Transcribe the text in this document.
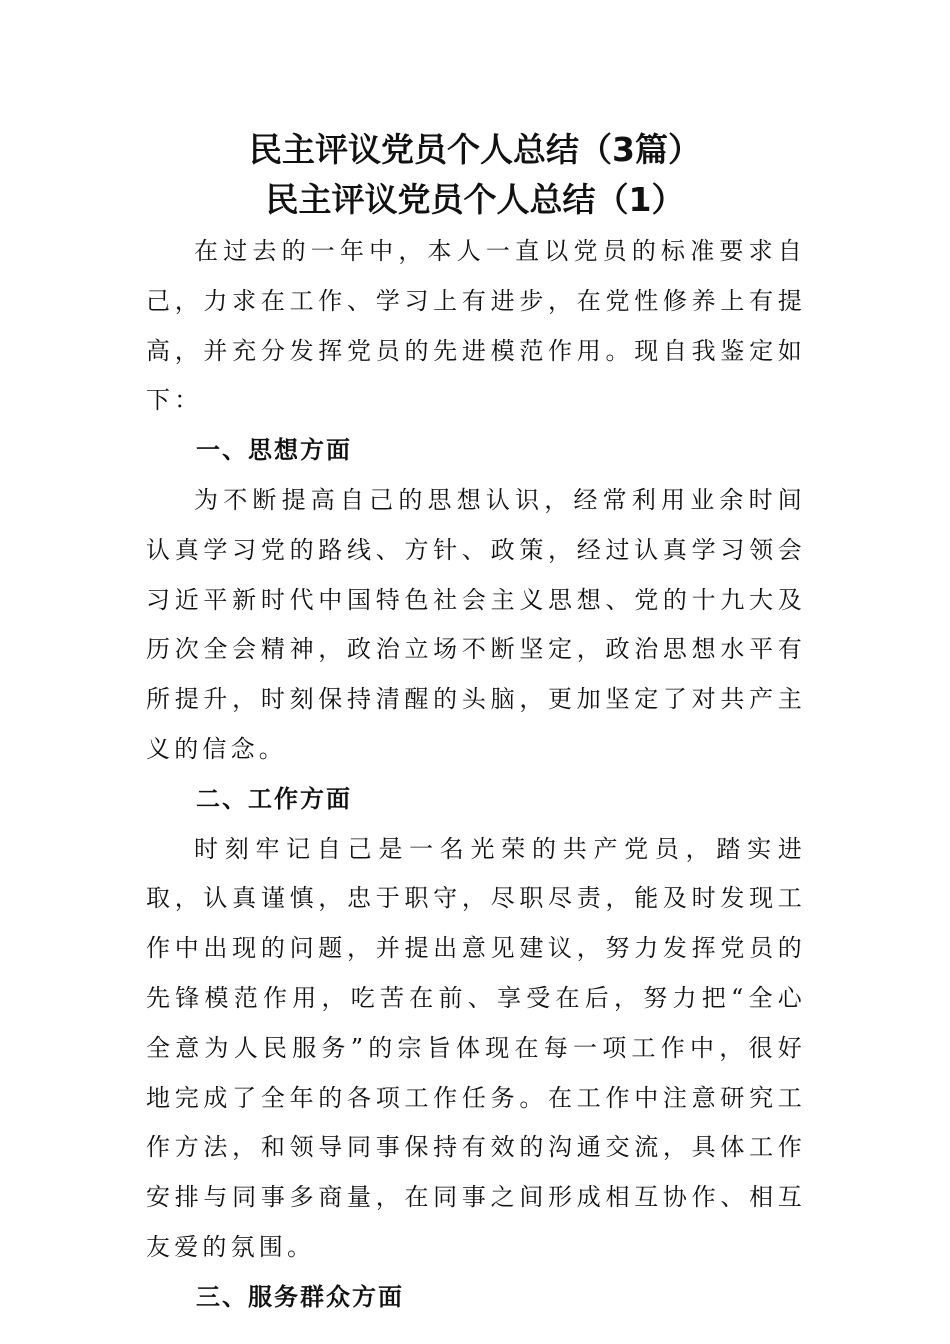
民主评议党员个人总结（3篇）
民主评议党员个人总结（1）

在过去的一年中，本人一直以党员的标准要求自己，力求在工作、学习上有进步，在党性修养上有提高，并充分发挥党员的先进模范作用。现自我鉴定如下：

一、思想方面

为不断提高自己的思想认识，经常利用业余时间认真学习党的路线、方针、政策，经过认真学习领会习近平新时代中国特色社会主义思想、党的十九大及历次全会精神，政治立场不断坚定，政治思想水平有所提升，时刻保持清醒的头脑，更加坚定了对共产主义的信念。

二、工作方面

时刻牢记自己是一名光荣的共产党员，踏实进取，认真谨慎，忠于职守，尽职尽责，能及时发现工作中出现的问题，并提出意见建议，努力发挥党员的先锋模范作用，吃苦在前、享受在后，努力把“全心全意为人民服务”的宗旨体现在每一项工作中，很好地完成了全年的各项工作任务。在工作中注意研究工作方法，和领导同事保持有效的沟通交流，具体工作安排与同事多商量，在同事之间形成相互协作、相互友爱的氛围。

三、服务群众方面
